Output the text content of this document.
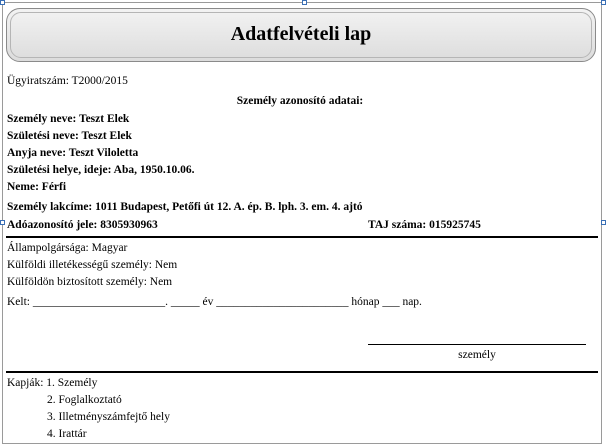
Adatfelvételi lap
Ügyiratszám: T2000/2015
Személy azonosító adatai:
Személy neve: Teszt Elek
Születési neve: Teszt Elek
Anyja neve: Teszt Viloletta
Születési helye, ideje: Aba, 1950.10.06.
Neme: Férfi
Személy lakcíme: 1011 Budapest, Petőfi út 12. A. ép. B. lph. 3. em. 4. ajtó
Adóazonosító jele: 8305930963	TAJ száma: 015925745
Állampolgársága: Magyar
Külföldi illetékességű személy: Nem
Külföldön biztosított személy: Nem
Kelt: _______________________. _____ év _______________________ hónap ___ nap.
személy
Kapják: 1. Személy
2. Foglalkoztató
3. Illetményszámfejtő hely
4. Irattár
